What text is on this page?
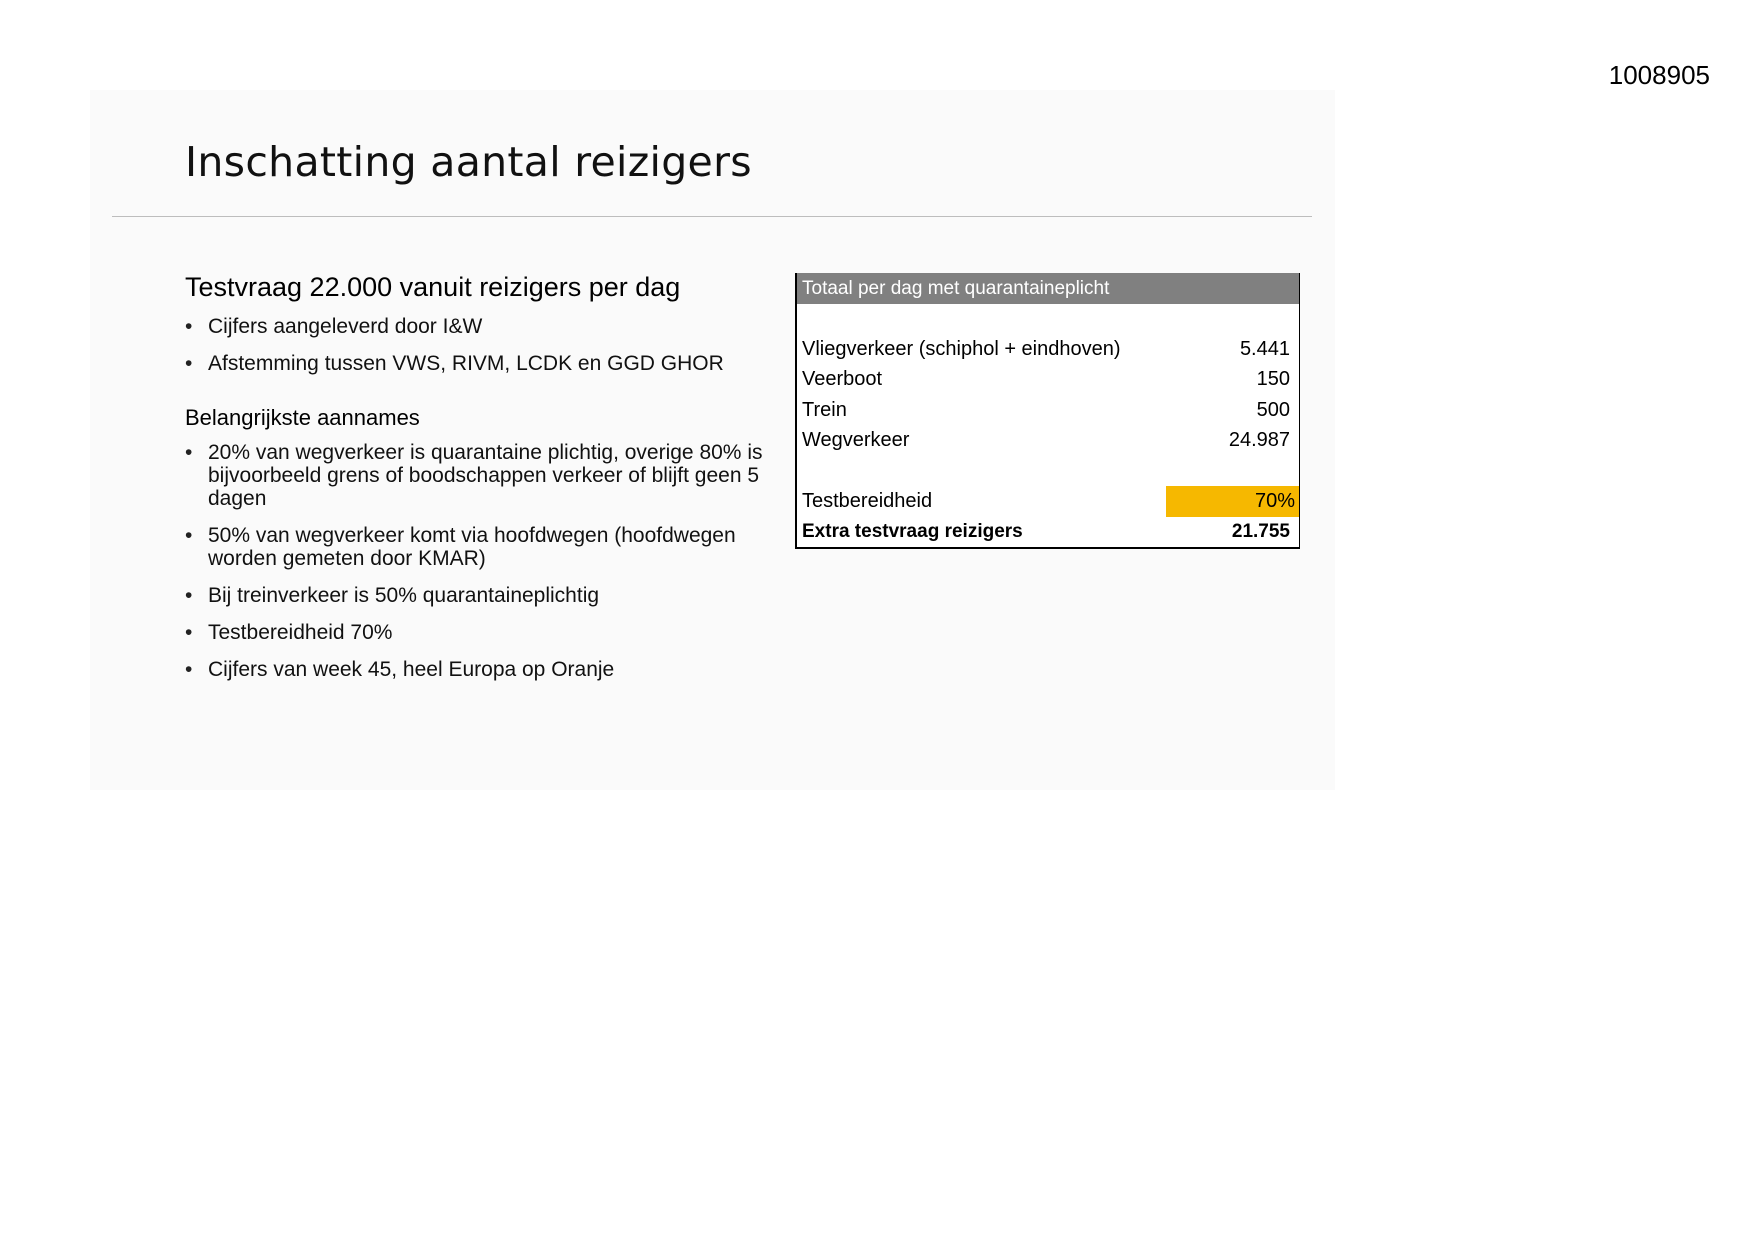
1008905
Inschatting aantal reizigers
Testvraag 22.000 vanuit reizigers per dag
• Cijfers aangeleverd door I&W
• Afstemming tussen VWS, RIVM, LCDK en GGD GHOR
Belangrijkste aannames
• 20% van wegverkeer is quarantaine plichtig, overige 80% is bijvoorbeeld grens of boodschappen verkeer of blijft geen 5 dagen
• 50% van wegverkeer komt via hoofdwegen (hoofdwegen worden gemeten door KMAR)
• Bij treinverkeer is 50% quarantaineplichtig
• Testbereidheid 70%
• Cijfers van week 45, heel Europa op Oranje
Totaal per dag met quarantaineplicht
Vliegverkeer (schiphol + eindhoven)	5.441
Veerboot	150
Trein	500
Wegverkeer	24.987
Testbereidheid	70%
Extra testvraag reizigers	21.755
